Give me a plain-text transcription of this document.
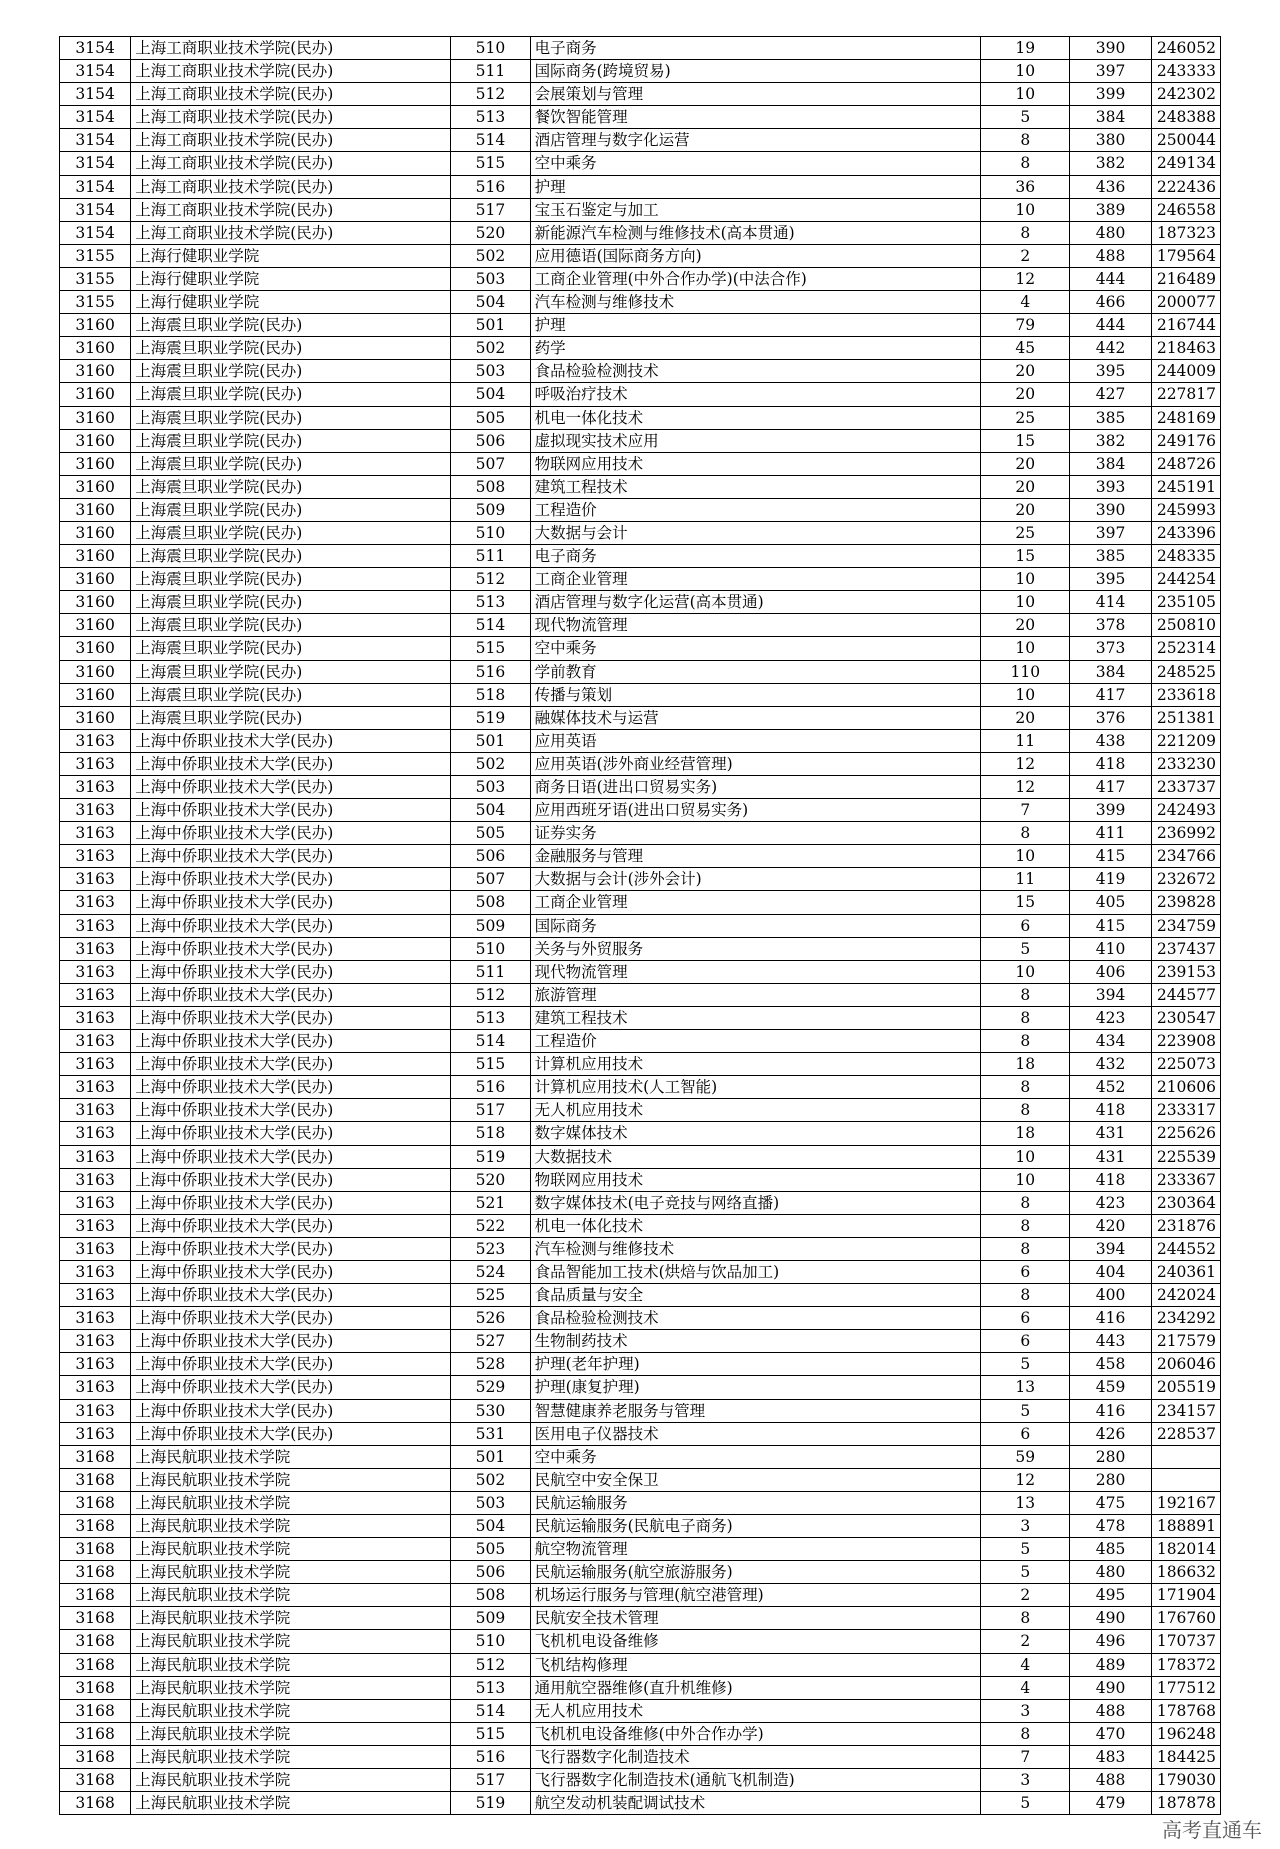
3154	上海工商职业技术学院(民办)	510	电子商务	19	390	246052
3154	上海工商职业技术学院(民办)	511	国际商务(跨境贸易)	10	397	243333
3154	上海工商职业技术学院(民办)	512	会展策划与管理	10	399	242302
3154	上海工商职业技术学院(民办)	513	餐饮智能管理	5	384	248388
3154	上海工商职业技术学院(民办)	514	酒店管理与数字化运营	8	380	250044
3154	上海工商职业技术学院(民办)	515	空中乘务	8	382	249134
3154	上海工商职业技术学院(民办)	516	护理	36	436	222436
3154	上海工商职业技术学院(民办)	517	宝玉石鉴定与加工	10	389	246558
3154	上海工商职业技术学院(民办)	520	新能源汽车检测与维修技术(高本贯通)	8	480	187323
3155	上海行健职业学院	502	应用德语(国际商务方向)	2	488	179564
3155	上海行健职业学院	503	工商企业管理(中外合作办学)(中法合作)	12	444	216489
3155	上海行健职业学院	504	汽车检测与维修技术	4	466	200077
3160	上海震旦职业学院(民办)	501	护理	79	444	216744
3160	上海震旦职业学院(民办)	502	药学	45	442	218463
3160	上海震旦职业学院(民办)	503	食品检验检测技术	20	395	244009
3160	上海震旦职业学院(民办)	504	呼吸治疗技术	20	427	227817
3160	上海震旦职业学院(民办)	505	机电一体化技术	25	385	248169
3160	上海震旦职业学院(民办)	506	虚拟现实技术应用	15	382	249176
3160	上海震旦职业学院(民办)	507	物联网应用技术	20	384	248726
3160	上海震旦职业学院(民办)	508	建筑工程技术	20	393	245191
3160	上海震旦职业学院(民办)	509	工程造价	20	390	245993
3160	上海震旦职业学院(民办)	510	大数据与会计	25	397	243396
3160	上海震旦职业学院(民办)	511	电子商务	15	385	248335
3160	上海震旦职业学院(民办)	512	工商企业管理	10	395	244254
3160	上海震旦职业学院(民办)	513	酒店管理与数字化运营(高本贯通)	10	414	235105
3160	上海震旦职业学院(民办)	514	现代物流管理	20	378	250810
3160	上海震旦职业学院(民办)	515	空中乘务	10	373	252314
3160	上海震旦职业学院(民办)	516	学前教育	110	384	248525
3160	上海震旦职业学院(民办)	518	传播与策划	10	417	233618
3160	上海震旦职业学院(民办)	519	融媒体技术与运营	20	376	251381
3163	上海中侨职业技术大学(民办)	501	应用英语	11	438	221209
3163	上海中侨职业技术大学(民办)	502	应用英语(涉外商业经营管理)	12	418	233230
3163	上海中侨职业技术大学(民办)	503	商务日语(进出口贸易实务)	12	417	233737
3163	上海中侨职业技术大学(民办)	504	应用西班牙语(进出口贸易实务)	7	399	242493
3163	上海中侨职业技术大学(民办)	505	证券实务	8	411	236992
3163	上海中侨职业技术大学(民办)	506	金融服务与管理	10	415	234766
3163	上海中侨职业技术大学(民办)	507	大数据与会计(涉外会计)	11	419	232672
3163	上海中侨职业技术大学(民办)	508	工商企业管理	15	405	239828
3163	上海中侨职业技术大学(民办)	509	国际商务	6	415	234759
3163	上海中侨职业技术大学(民办)	510	关务与外贸服务	5	410	237437
3163	上海中侨职业技术大学(民办)	511	现代物流管理	10	406	239153
3163	上海中侨职业技术大学(民办)	512	旅游管理	8	394	244577
3163	上海中侨职业技术大学(民办)	513	建筑工程技术	8	423	230547
3163	上海中侨职业技术大学(民办)	514	工程造价	8	434	223908
3163	上海中侨职业技术大学(民办)	515	计算机应用技术	18	432	225073
3163	上海中侨职业技术大学(民办)	516	计算机应用技术(人工智能)	8	452	210606
3163	上海中侨职业技术大学(民办)	517	无人机应用技术	8	418	233317
3163	上海中侨职业技术大学(民办)	518	数字媒体技术	18	431	225626
3163	上海中侨职业技术大学(民办)	519	大数据技术	10	431	225539
3163	上海中侨职业技术大学(民办)	520	物联网应用技术	10	418	233367
3163	上海中侨职业技术大学(民办)	521	数字媒体技术(电子竞技与网络直播)	8	423	230364
3163	上海中侨职业技术大学(民办)	522	机电一体化技术	8	420	231876
3163	上海中侨职业技术大学(民办)	523	汽车检测与维修技术	8	394	244552
3163	上海中侨职业技术大学(民办)	524	食品智能加工技术(烘焙与饮品加工)	6	404	240361
3163	上海中侨职业技术大学(民办)	525	食品质量与安全	8	400	242024
3163	上海中侨职业技术大学(民办)	526	食品检验检测技术	6	416	234292
3163	上海中侨职业技术大学(民办)	527	生物制药技术	6	443	217579
3163	上海中侨职业技术大学(民办)	528	护理(老年护理)	5	458	206046
3163	上海中侨职业技术大学(民办)	529	护理(康复护理)	13	459	205519
3163	上海中侨职业技术大学(民办)	530	智慧健康养老服务与管理	5	416	234157
3163	上海中侨职业技术大学(民办)	531	医用电子仪器技术	6	426	228537
3168	上海民航职业技术学院	501	空中乘务	59	280	
3168	上海民航职业技术学院	502	民航空中安全保卫	12	280	
3168	上海民航职业技术学院	503	民航运输服务	13	475	192167
3168	上海民航职业技术学院	504	民航运输服务(民航电子商务)	3	478	188891
3168	上海民航职业技术学院	505	航空物流管理	5	485	182014
3168	上海民航职业技术学院	506	民航运输服务(航空旅游服务)	5	480	186632
3168	上海民航职业技术学院	508	机场运行服务与管理(航空港管理)	2	495	171904
3168	上海民航职业技术学院	509	民航安全技术管理	8	490	176760
3168	上海民航职业技术学院	510	飞机机电设备维修	2	496	170737
3168	上海民航职业技术学院	512	飞机结构修理	4	489	178372
3168	上海民航职业技术学院	513	通用航空器维修(直升机维修)	4	490	177512
3168	上海民航职业技术学院	514	无人机应用技术	3	488	178768
3168	上海民航职业技术学院	515	飞机机电设备维修(中外合作办学)	8	470	196248
3168	上海民航职业技术学院	516	飞行器数字化制造技术	7	483	184425
3168	上海民航职业技术学院	517	飞行器数字化制造技术(通航飞机制造)	3	488	179030
3168	上海民航职业技术学院	519	航空发动机装配调试技术	5	479	187878
高考直通车
